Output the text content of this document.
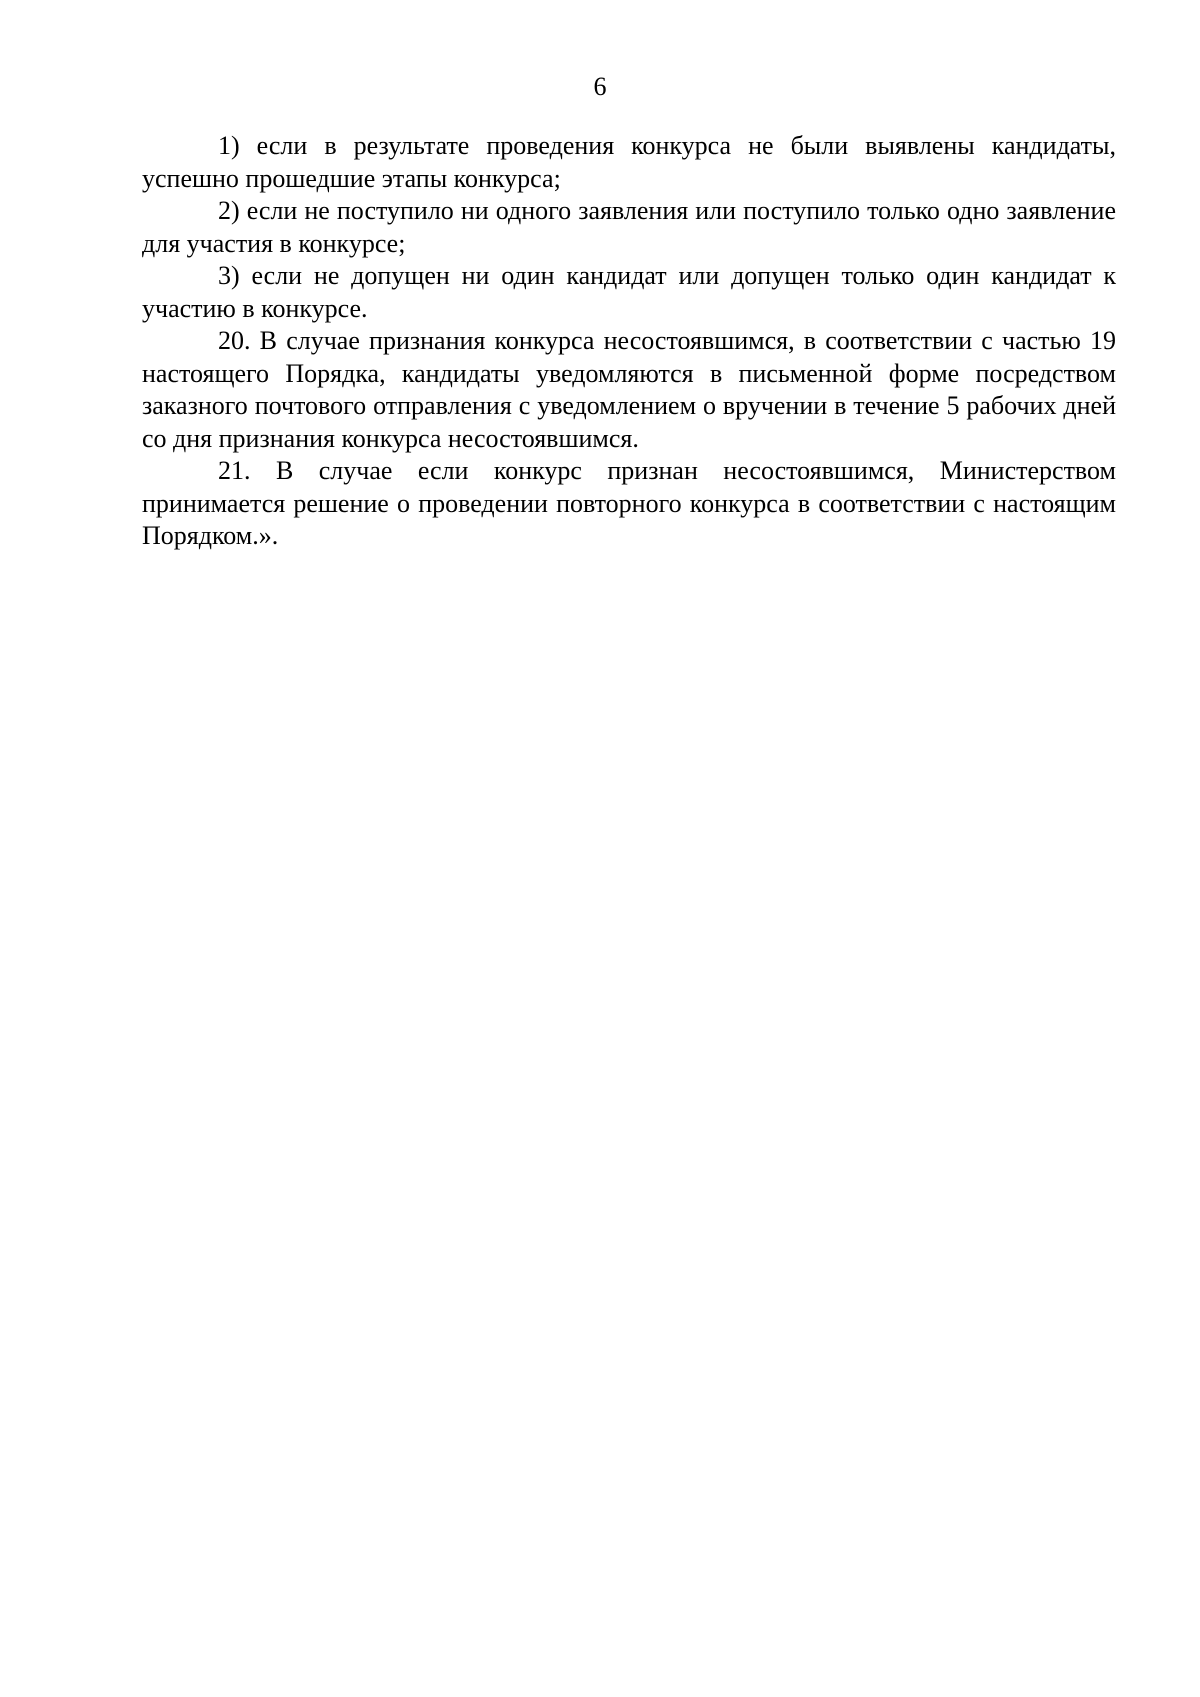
6

1) если в результате проведения конкурса не были выявлены кандидаты, успешно прошедшие этапы конкурса;

2) если не поступило ни одного заявления или поступило только одно заявление для участия в конкурсе;

3) если не допущен ни один кандидат или допущен только один кандидат к участию в конкурсе.

20. В случае признания конкурса несостоявшимся, в соответствии с частью 19 настоящего Порядка, кандидаты уведомляются в письменной форме посредством заказного почтового отправления с уведомлением о вручении в течение 5 рабочих дней со дня признания конкурса несостоявшимся.

21. В случае если конкурс признан несостоявшимся, Министерством принимается решение о проведении повторного конкурса в соответствии с настоящим Порядком.».
